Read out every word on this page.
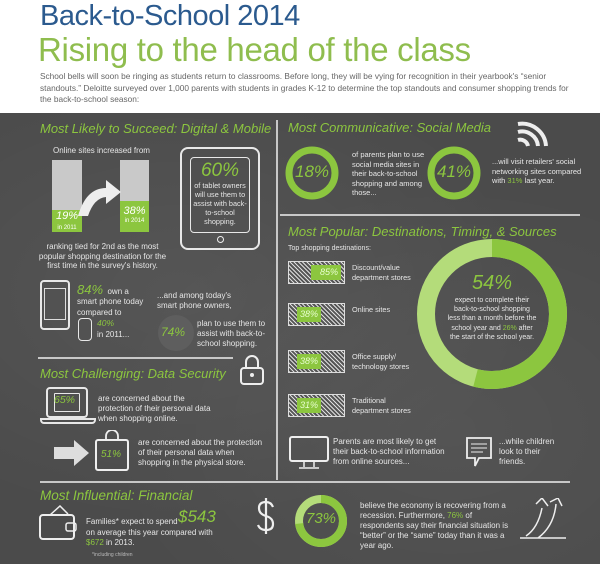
Back-to-School 2014
Rising to the head of the class
School bells will soon be ringing as students return to classrooms. Before long, they will be vying for recognition in their yearbook's “senior standouts.” Deloitte surveyed over 1,000 parents with students in grades K-12 to determine the top standouts and consumer shopping trends for the back-to-school season:
Most Likely to Succeed: Digital & Mobile
Online sites increased from
19%
in 2011
38%
in 2014
ranking tied for 2nd as the most popular shopping destination for the first time in the survey's history.
60%
of tablet owners will use them to assist with back-to-school shopping.
84% own a
smart phone today compared to
40%
in 2011...
...and among today's smart phone owners,
74%
plan to use them to assist with back-to-school shopping.
Most Challenging: Data Security
65%	are concerned about the protection of their personal data when shopping online.
51%
are concerned about the protection of their personal data when shopping in the physical store.
Most Influential: Financial
Families* expect to spend $543
on average this year compared with
$672 in 2013.
*including children
73%
believe the economy is recovering from a recession. Furthermore, 76% of respondents say their financial situation is “better” or the “same” today than it was a year ago.
Most Communicative: Social Media
18%
of parents plan to use social media sites in their back-to-school shopping and among those...
41%
...will visit retailers' social networking sites compared with 31% last year.
Most Popular: Destinations, Timing, & Sources
Top shopping destinations:
85%	Discount/value department stores
38%	Online sites
38%	Office supply/ technology stores
31%	Traditional department stores
54%
expect to complete their back-to-school shopping less than a month before the school year and 26% after the start of the school year.
Parents are most likely to get their back-to-school information from online sources...
...while children look to their friends.
